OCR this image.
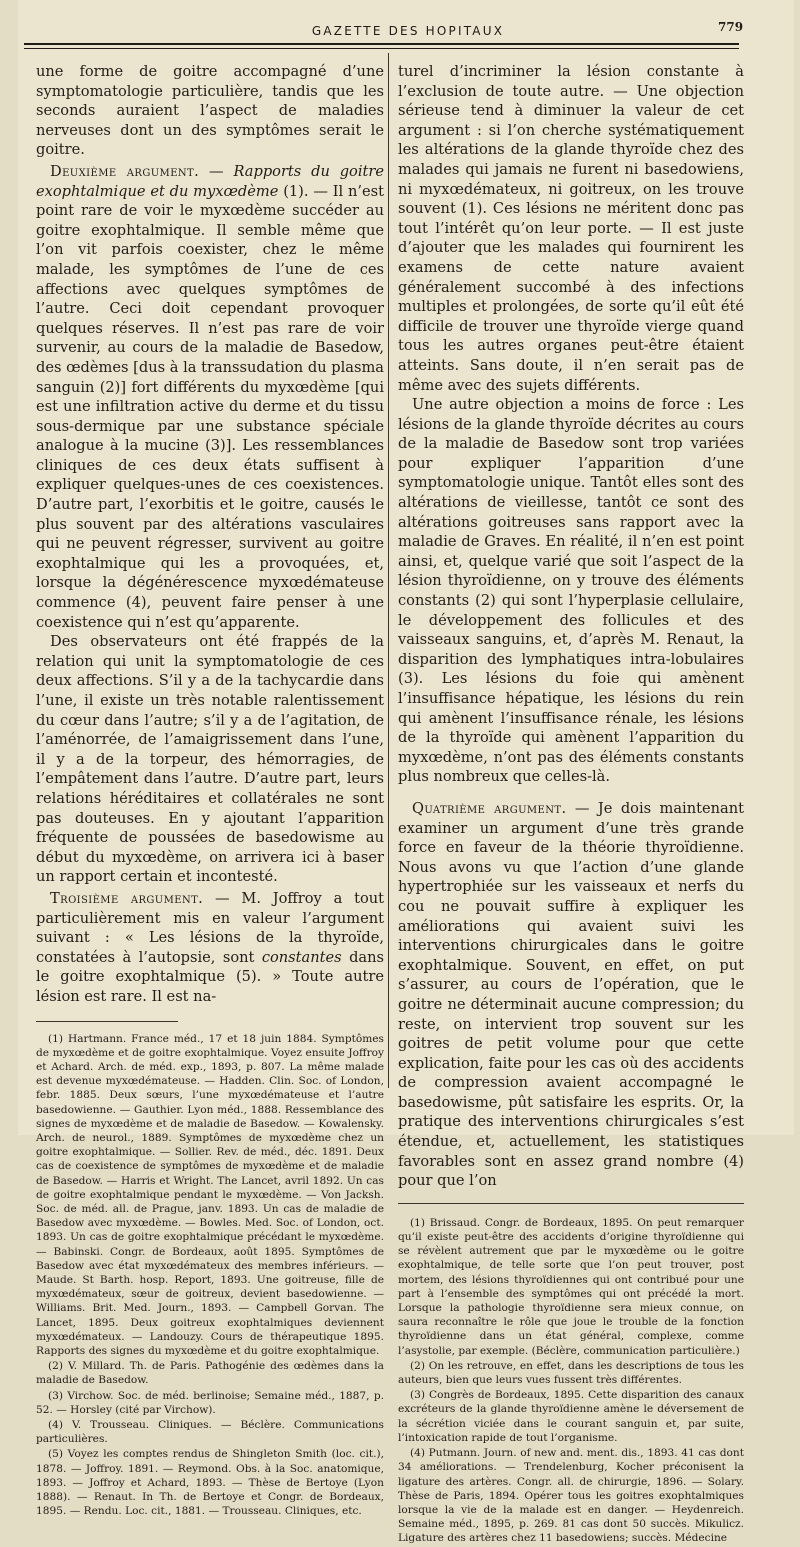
GAZETTE DES HOPITAUX	779

une forme de goitre accompagné d’une symptomatologie particulière, tandis que les seconds auraient l’aspect de maladies nerveuses dont un des symptômes serait le goitre.

Deuxième argument. — Rapports du goitre exophtalmique et du myxœdème (1). — Il n’est point rare de voir le myxœdème succéder au goitre exophtalmique. Il semble même que l’on vit parfois coexister, chez le même malade, les symptômes de l’une de ces affections avec quelques symptômes de l’autre. Ceci doit cependant provoquer quelques réserves. Il n’est pas rare de voir survenir, au cours de la maladie de Basedow, des œdèmes [dus à la transsudation du plasma sanguin (2)] fort différents du myxœdème [qui est une infiltration active du derme et du tissu sous-dermique par une substance spéciale analogue à la mucine (3)]. Les ressemblances cliniques de ces deux états suffisent à expliquer quelques-unes de ces coexistences. D’autre part, l’exorbitis et le goitre, causés le plus souvent par des altérations vasculaires qui ne peuvent régresser, survivent au goitre exophtalmique qui les a provoquées, et, lorsque la dégénérescence myxœdémateuse commence (4), peuvent faire penser à une coexistence qui n’est qu’apparente.

Des observateurs ont été frappés de la relation qui unit la symptomatologie de ces deux affections. S’il y a de la tachycardie dans l’une, il existe un très notable ralentissement du cœur dans l’autre; s’il y a de l’agitation, de l’aménorrée, de l’amaigrissement dans l’une, il y a de la torpeur, des hémorragies, de l’empâtement dans l’autre. D’autre part, leurs relations héréditaires et collatérales ne sont pas douteuses. En y ajoutant l’apparition fréquente de poussées de basedowisme au début du myxœdème, on arrivera ici à baser un rapport certain et incontesté.

Troisième argument. — M. Joffroy a tout particulièrement mis en valeur l’argument suivant : « Les lésions de la thyroïde, constatées à l’autopsie, sont constantes dans le goitre exophtalmique (5). » Toute autre lésion est rare. Il est na-

(1) Hartmann. France méd., 17 et 18 juin 1884. Symptômes de myxœdème et de goitre exophtalmique. Voyez ensuite Joffroy et Achard. Arch. de méd. exp., 1893, p. 807. La même malade est devenue myxœdémateuse. — Hadden. Clin. Soc. of London, febr. 1885. Deux sœurs, l’une myxœdémateuse et l’autre basedowienne. — Gauthier. Lyon méd., 1888. Ressemblance des signes de myxœdème et de maladie de Basedow. — Kowalensky. Arch. de neurol., 1889. Symptômes de myxœdème chez un goitre exophtalmique. — Sollier. Rev. de méd., déc. 1891. Deux cas de coexistence de symptômes de myxœdème et de maladie de Basedow. — Harris et Wright. The Lancet, avril 1892. Un cas de goitre exophtalmique pendant le myxœdème. — Von Jacksh. Soc. de méd. all. de Prague, janv. 1893. Un cas de maladie de Basedow avec myxœdème. — Bowles. Med. Soc. of London, oct. 1893. Un cas de goitre exophtalmique précédant le myxœdème. — Babinski. Congr. de Bordeaux, août 1895. Symptômes de Basedow avec état myxœdémateux des membres inférieurs. — Maude. St Barth. hosp. Report, 1893. Une goitreuse, fille de myxœdémateux, sœur de goitreux, devient basedowienne. — Williams. Brit. Med. Journ., 1893. — Campbell Gorvan. The Lancet, 1895. Deux goitreux exophtalmiques deviennent myxœdémateux. — Landouzy. Cours de thérapeutique 1895. Rapports des signes du myxœdème et du goitre exophtalmique.

(2) V. Millard. Th. de Paris. Pathogénie des œdèmes dans la maladie de Basedow.

(3) Virchow. Soc. de méd. berlinoise; Semaine méd., 1887, p. 52. — Horsley (cité par Virchow).

(4) V. Trousseau. Cliniques. — Béclère. Communications particulières.

(5) Voyez les comptes rendus de Shingleton Smith (loc. cit.), 1878. — Joffroy. 1891. — Reymond. Obs. à la Soc. anatomique, 1893. — Joffroy et Achard, 1893. — Thèse de Bertoye (Lyon 1888). — Renaut. In Th. de Bertoye et Congr. de Bordeaux, 1895. — Rendu. Loc. cit., 1881. — Trousseau. Cliniques, etc.

turel d’incriminer la lésion constante à l’exclusion de toute autre. — Une objection sérieuse tend à diminuer la valeur de cet argument : si l’on cherche systématiquement les altérations de la glande thyroïde chez des malades qui jamais ne furent ni basedowiens, ni myxœdémateux, ni goitreux, on les trouve souvent (1). Ces lésions ne méritent donc pas tout l’intérêt qu’on leur porte. — Il est juste d’ajouter que les malades qui fournirent les examens de cette nature avaient généralement succombé à des infections multiples et prolongées, de sorte qu’il eût été difficile de trouver une thyroïde vierge quand tous les autres organes peut-être étaient atteints. Sans doute, il n’en serait pas de même avec des sujets différents.

Une autre objection a moins de force : Les lésions de la glande thyroïde décrites au cours de la maladie de Basedow sont trop variées pour expliquer l’apparition d’une symptomatologie unique. Tantôt elles sont des altérations de vieillesse, tantôt ce sont des altérations goitreuses sans rapport avec la maladie de Graves. En réalité, il n’en est point ainsi, et, quelque varié que soit l’aspect de la lésion thyroïdienne, on y trouve des éléments constants (2) qui sont l’hyperplasie cellulaire, le développement des follicules et des vaisseaux sanguins, et, d’après M. Renaut, la disparition des lymphatiques intra-lobulaires (3). Les lésions du foie qui amènent l’insuffisance hépatique, les lésions du rein qui amènent l’insuffisance rénale, les lésions de la thyroïde qui amènent l’apparition du myxœdème, n’ont pas des éléments constants plus nombreux que celles-là.

Quatrième argument. — Je dois maintenant examiner un argument d’une très grande force en faveur de la théorie thyroïdienne. Nous avons vu que l’action d’une glande hypertrophiée sur les vaisseaux et nerfs du cou ne pouvait suffire à expliquer les améliorations qui avaient suivi les interventions chirurgicales dans le goitre exophtalmique. Souvent, en effet, on put s’assurer, au cours de l’opération, que le goitre ne déterminait aucune compression; du reste, on intervient trop souvent sur les goitres de petit volume pour que cette explication, faite pour les cas où des accidents de compression avaient accompagné le basedowisme, pût satisfaire les esprits. Or, la pratique des interventions chirurgicales s’est étendue, et, actuellement, les statistiques favorables sont en assez grand nombre (4) pour que l’on

(1) Brissaud. Congr. de Bordeaux, 1895. On peut remarquer qu’il existe peut-être des accidents d’origine thyroïdienne qui se révèlent autrement que par le myxœdème ou le goitre exophtalmique, de telle sorte que l’on peut trouver, post mortem, des lésions thyroïdiennes qui ont contribué pour une part à l’ensemble des symptômes qui ont précédé la mort. Lorsque la pathologie thyroïdienne sera mieux connue, on saura reconnaître le rôle que joue le trouble de la fonction thyroïdienne dans un état général, complexe, comme l’asystolie, par exemple. (Béclère, communication particulière.)

(2) On les retrouve, en effet, dans les descriptions de tous les auteurs, bien que leurs vues fussent très différentes.

(3) Congrès de Bordeaux, 1895. Cette disparition des canaux excréteurs de la glande thyroïdienne amène le déversement de la sécrétion viciée dans le courant sanguin et, par suite, l’intoxication rapide de tout l’organisme.

(4) Putmann. Journ. of new and. ment. dis., 1893. 41 cas dont 34 améliorations. — Trendelenburg, Kocher préconisent la ligature des artères. Congr. all. de chirurgie, 1896. — Solary. Thèse de Paris, 1894. Opérer tous les goitres exophtalmiques lorsque la vie de la malade est en danger. — Heydenreich. Semaine méd., 1895, p. 269. 81 cas dont 50 succès. Mikulicz. Ligature des artères chez 11 basedowiens; succès. Médecine
